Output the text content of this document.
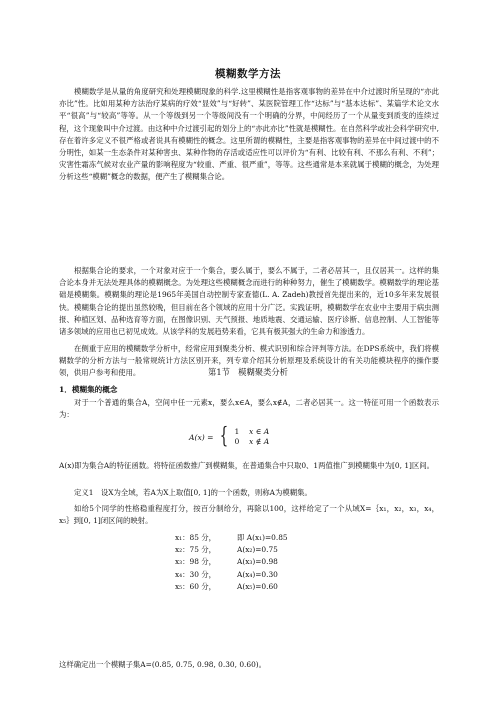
模糊数学方法

模糊数学是从量的角度研究和处理模糊现象的科学.这里模糊性是指客观事物的差异在中介过渡时所呈现的“亦此亦比”性。比如用某种方法治疗某病的疗效“显效”与“好转”、某医院管理工作“达标”与“基本达标”、某篇学术论文水平“很高”与“较高”等等。从一个等级到另一个等级间没有一个明确的分界，中间经历了一个从量变到质变的连续过程，这个现象叫中介过渡。由这种中介过渡引起的划分上的“亦此亦比”性就是模糊性。在自然科学或社会科学研究中,存在着许多定义不很严格或者说具有模糊性的概念。这里所谓的模糊性，主要是指客观事物的差异在中间过渡中的不分明性，如某一生态条件对某种害虫、某种作物的存活或适应性可以评价为“有利、比较有利、不那么有利、不利”；灾害性霜冻气候对农业产量的影响程度为“较重、严重、很严重”，等等。这些通常是本来就属于模糊的概念，为处理分析这些“模糊”概念的数据，便产生了模糊集合论。

根据集合论的要求，一个对象对应于一个集合，要么属于，要么不属于，二者必居其一，且仅居其一。这样的集合论本身并无法处理具体的模糊概念。为处理这些模糊概念而进行的种种努力，催生了模糊数学。模糊数学的理论基础是模糊集。模糊集的理论是1965年美国自动控制专家查德(L. A. Zadeh)教授首先提出来的，近10多年来发展很快。 模糊集合论的提出虽然较晚，但目前在各个领域的应用十分广泛。实践证明，模糊数学在农业中主要用于病虫测报、种植区划、品种选育等方面，在图像识别、天气预报、地质地震、交通运输、医疗诊断、信息控制、人工智能等诸多领域的应用也已初见成效。从该学科的发展趋势来看，它具有极其强大的生命力和渗透力。

在侧重于应用的模糊数学分析中，经常应用到聚类分析、模式识别和综合评判等方法。在DPS系统中，我们将模糊数学的分析方法与一般常规统计方法区别开来，列专章介绍其分析原理及系统设计的有关功能模块程序的操作要领，供用户参考和使用。	第1节　模糊聚类分析
1．模糊集的概念

对于一个普通的集合A，空间中任一元素x，要么x∈A，要么x∉A，二者必居其一。这一特征可用一个函数表示为：

A(x) = { 1 x ∈ A
0 x ∉ A

A(x)即为集合A的特征函数。将特征函数推广到模糊集，在普通集合中只取0、1两值推广到模糊集中为[0, 1]区间。

定义1　设X为全域，若A为X上取值[0, 1]的一个函数，则称A为模糊集。

如给5个同学的性格稳重程度打分，按百分制给分，再除以100，这样给定了一个从域X=｛x₁，x₂，x₃，x₄，x₅｝到[0, 1]闭区间的映射。

x₁：85 分，	即 A(x₁)=0.85
x₂：75 分，	A(x₂)=0.75
x₃：98 分，	A(x₃)=0.98
x₄：30 分，	A(x₄)=0.30
x₅：60 分，	A(x₅)=0.60
这样确定出一个模糊子集A=(0.85, 0.75, 0.98, 0.30, 0.60)。
